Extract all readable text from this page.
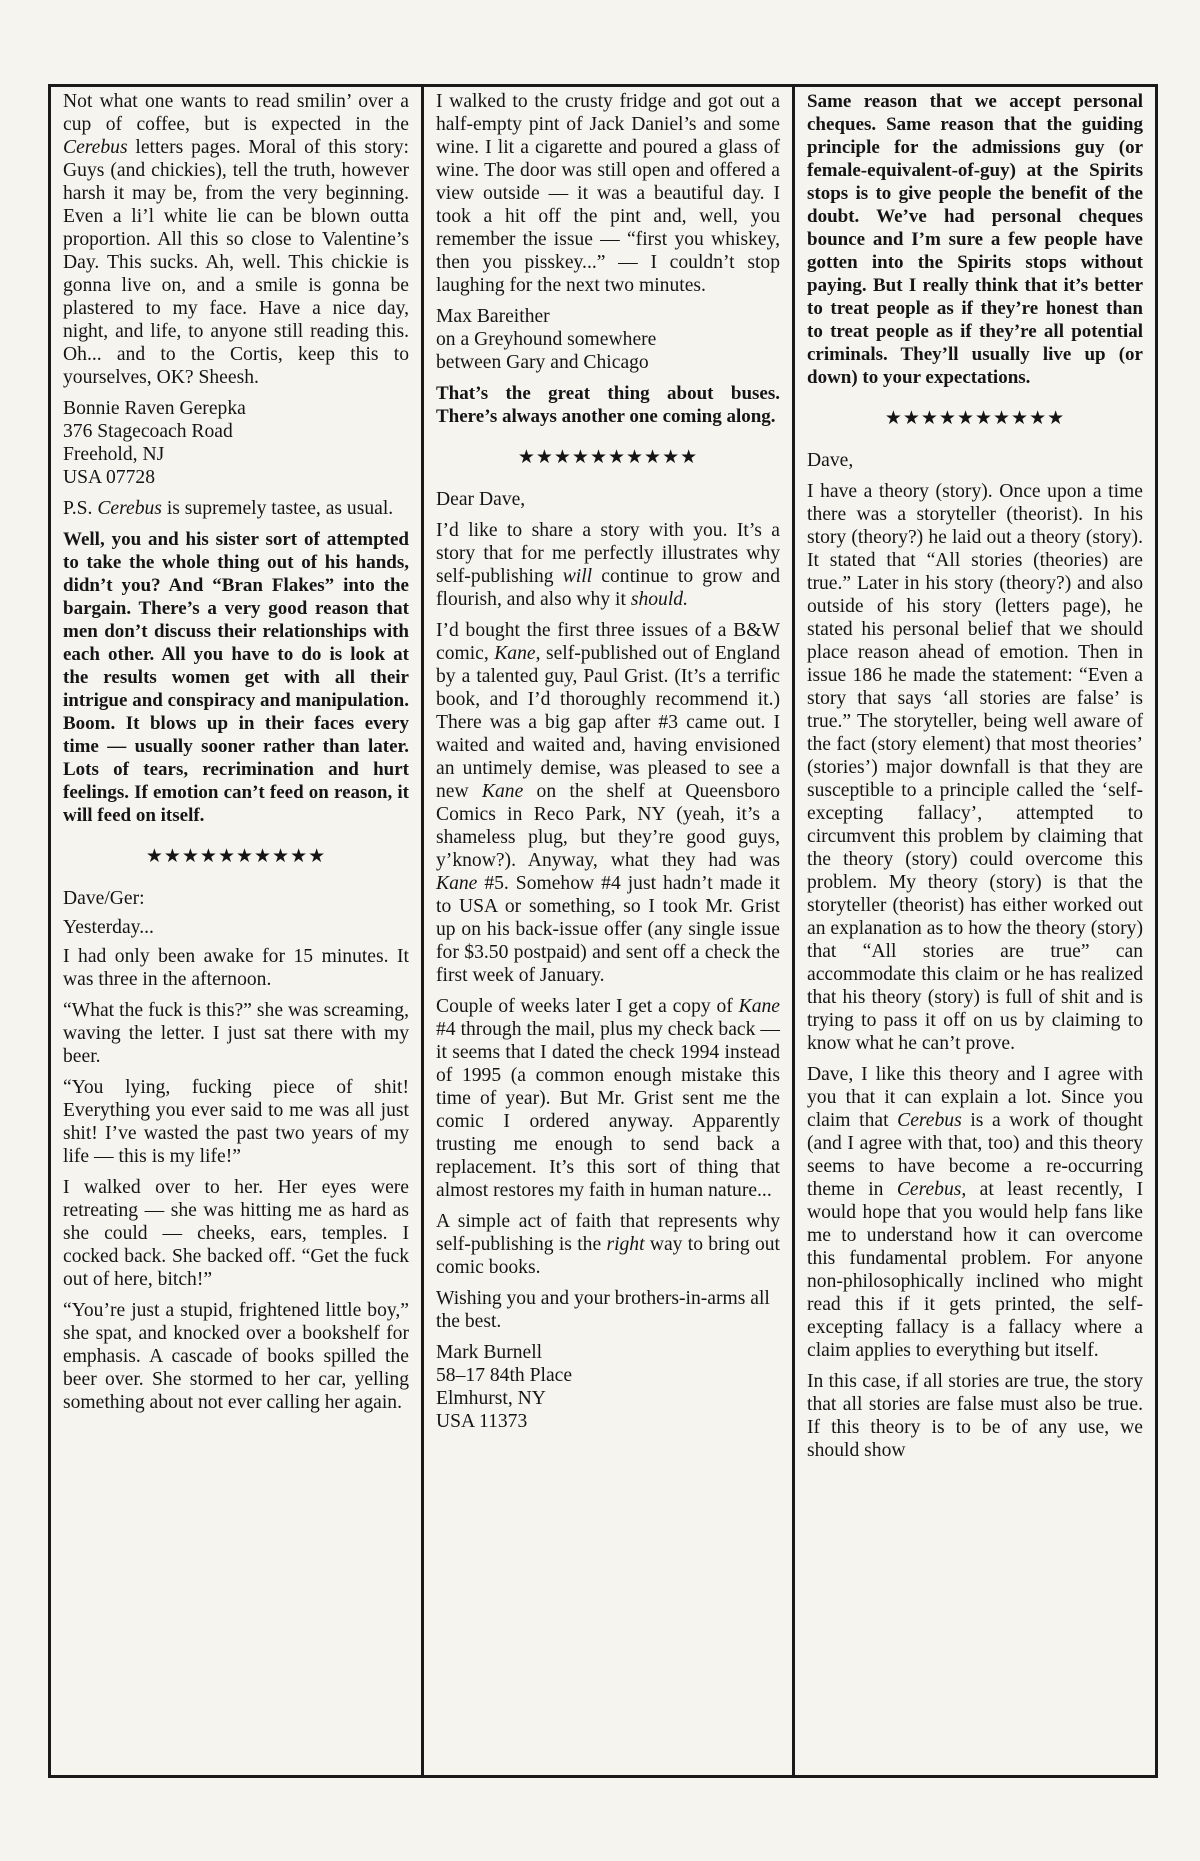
Not what one wants to read smilin’ over a cup of coffee, but is expected in the Cerebus letters pages. Moral of this story: Guys (and chickies), tell the truth, however harsh it may be, from the very beginning. Even a li’l white lie can be blown outta proportion. All this so close to Valentine’s Day. This sucks. Ah, well. This chickie is gonna live on, and a smile is gonna be plastered to my face. Have a nice day, night, and life, to anyone still reading this. Oh... and to the Cortis, keep this to yourselves, OK? Sheesh.

Bonnie Raven Gerepka
376 Stagecoach Road
Freehold, NJ
USA 07728

P.S. Cerebus is supremely tastee, as usual.

Well, you and his sister sort of attempted to take the whole thing out of his hands, didn’t you? And “Bran Flakes” into the bargain. There’s a very good reason that men don’t discuss their relationships with each other. All you have to do is look at the results women get with all their intrigue and conspiracy and manipulation. Boom. It blows up in their faces every time — usually sooner rather than later. Lots of tears, recrimination and hurt feelings. If emotion can’t feed on reason, it will feed on itself.

★★★★★★★★★★

Dave/Ger:

Yesterday...

I had only been awake for 15 minutes. It was three in the afternoon.

“What the fuck is this?” she was screaming, waving the letter. I just sat there with my beer.

“You lying, fucking piece of shit! Everything you ever said to me was all just shit! I’ve wasted the past two years of my life — this is my life!”

I walked over to her. Her eyes were retreating — she was hitting me as hard as she could — cheeks, ears, temples. I cocked back. She backed off. “Get the fuck out of here, bitch!”

“You’re just a stupid, frightened little boy,” she spat, and knocked over a bookshelf for emphasis. A cascade of books spilled the beer over. She stormed to her car, yelling something about not ever calling her again.

I walked to the crusty fridge and got out a half-empty pint of Jack Daniel’s and some wine. I lit a cigarette and poured a glass of wine. The door was still open and offered a view outside — it was a beautiful day. I took a hit off the pint and, well, you remember the issue — “first you whiskey, then you pisskey...” — I couldn’t stop laughing for the next two minutes.

Max Bareither
on a Greyhound somewhere
between Gary and Chicago

That’s the great thing about buses. There’s always another one coming along.

★★★★★★★★★★

Dear Dave,

I’d like to share a story with you. It’s a story that for me perfectly illustrates why self-publishing will continue to grow and flourish, and also why it should.

I’d bought the first three issues of a B&W comic, Kane, self-published out of England by a talented guy, Paul Grist. (It’s a terrific book, and I’d thoroughly recommend it.) There was a big gap after #3 came out. I waited and waited and, having envisioned an untimely demise, was pleased to see a new Kane on the shelf at Queensboro Comics in Reco Park, NY (yeah, it’s a shameless plug, but they’re good guys, y’know?). Anyway, what they had was Kane #5. Somehow #4 just hadn’t made it to USA or something, so I took Mr. Grist up on his back-issue offer (any single issue for $3.50 postpaid) and sent off a check the first week of January.

Couple of weeks later I get a copy of Kane #4 through the mail, plus my check back — it seems that I dated the check 1994 instead of 1995 (a common enough mistake this time of year). But Mr. Grist sent me the comic I ordered anyway. Apparently trusting me enough to send back a replacement. It’s this sort of thing that almost restores my faith in human nature...

A simple act of faith that represents why self-publishing is the right way to bring out comic books.

Wishing you and your brothers-in-arms all the best.

Mark Burnell
58–17 84th Place
Elmhurst, NY
USA 11373

Same reason that we accept personal cheques. Same reason that the guiding principle for the admissions guy (or female-equivalent-of-guy) at the Spirits stops is to give people the benefit of the doubt. We’ve had personal cheques bounce and I’m sure a few people have gotten into the Spirits stops without paying. But I really think that it’s better to treat people as if they’re honest than to treat people as if they’re all potential criminals. They’ll usually live up (or down) to your expectations.

★★★★★★★★★★

Dave,

I have a theory (story). Once upon a time there was a storyteller (theorist). In his story (theory?) he laid out a theory (story). It stated that “All stories (theories) are true.” Later in his story (theory?) and also outside of his story (letters page), he stated his personal belief that we should place reason ahead of emotion. Then in issue 186 he made the statement: “Even a story that says ‘all stories are false’ is true.” The storyteller, being well aware of the fact (story element) that most theories’ (stories’) major downfall is that they are susceptible to a principle called the ‘self-excepting fallacy’, attempted to circumvent this problem by claiming that the theory (story) could overcome this problem. My theory (story) is that the storyteller (theorist) has either worked out an explanation as to how the theory (story) that “All stories are true” can accommodate this claim or he has realized that his theory (story) is full of shit and is trying to pass it off on us by claiming to know what he can’t prove.

Dave, I like this theory and I agree with you that it can explain a lot. Since you claim that Cerebus is a work of thought (and I agree with that, too) and this theory seems to have become a re-occurring theme in Cerebus, at least recently, I would hope that you would help fans like me to understand how it can overcome this fundamental problem. For anyone non-philosophically inclined who might read this if it gets printed, the self-excepting fallacy is a fallacy where a claim applies to everything but itself.

In this case, if all stories are true, the story that all stories are false must also be true. If this theory is to be of any use, we should show
